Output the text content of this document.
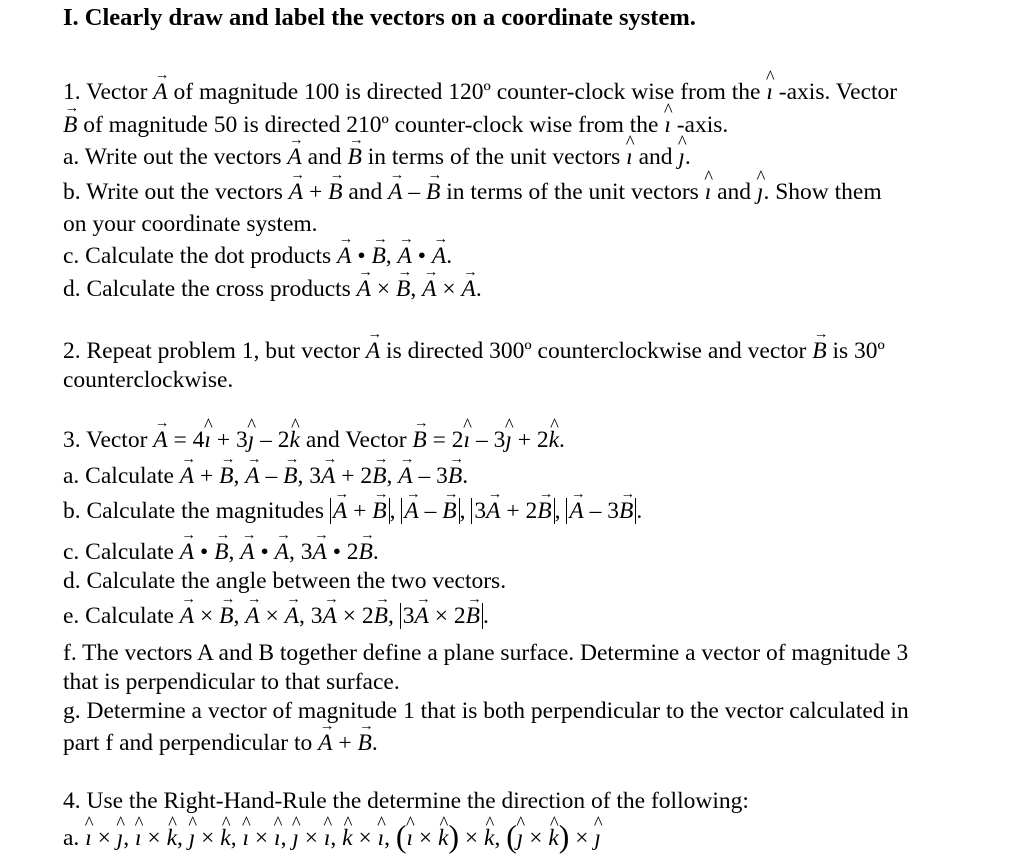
I. Clearly draw and label the vectors on a coordinate system.
1. Vector → A of magnitude 100 is directed 120º counter-clock wise from the ^ ı -axis. Vector
→ B of magnitude 50 is directed 210º counter-clock wise from the ^ ı -axis.
a. Write out the vectors → A and → B in terms of the unit vectors ^ ı and ^ ȷ.
b. Write out the vectors → A + → B and → A – → B in terms of the unit vectors ^ ı and ^ ȷ. Show them
on your coordinate system.
c. Calculate the dot products → A • → B, → A • → A.
d. Calculate the cross products → A × → B, → A × → A.
2. Repeat problem 1, but vector → A is directed 300º counterclockwise and vector → B is 30º
counterclockwise.
3. Vector → A = 4^ ı + 3^ ȷ – 2^ k and Vector → B = 2^ ı – 3^ ȷ + 2^ k.
a. Calculate → A + → B, → A – → B, 3→ A + 2→ B, → A – 3→ B.
b. Calculate the magnitudes → A + → B , → A – → B , 3→ A + 2→ B , → A – 3→ B .
c. Calculate → A • → B, → A • → A, 3→ A • 2→ B.
d. Calculate the angle between the two vectors.
e. Calculate → A × → B, → A × → A, 3→ A × 2→ B, 3→ A × 2→ B .
f. The vectors A and B together define a plane surface. Determine a vector of magnitude 3
that is perpendicular to that surface.
g. Determine a vector of magnitude 1 that is both perpendicular to the vector calculated in
part f and perpendicular to → A + → B.
4. Use the Right-Hand-Rule the determine the direction of the following:
a. ^ ı × ^ ȷ, ^ ı × ^ k, ^ ȷ × ^ k, ^ ı × ^ ı, ^ ȷ × ^ ı, ^ k × ^ ı, (^ ı × ^ k) × ^ k, (^ ȷ × ^ k) × ^ ȷ
